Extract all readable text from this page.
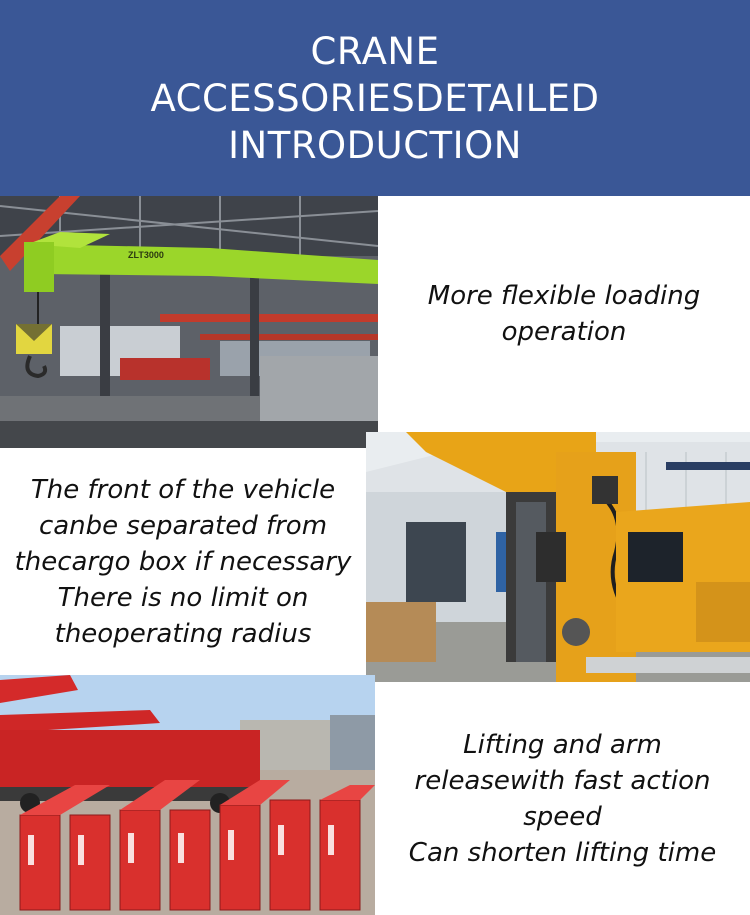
CRANE
ACCESSORIESDETAILED
INTRODUCTION
ZLT3000
More flexible loading
operation
The front of the vehicle
canbe separated from
thecargo box if necessary
There is no limit on
theoperating radius
Lifting and arm
releasewith fast action
speed
Can shorten lifting time
